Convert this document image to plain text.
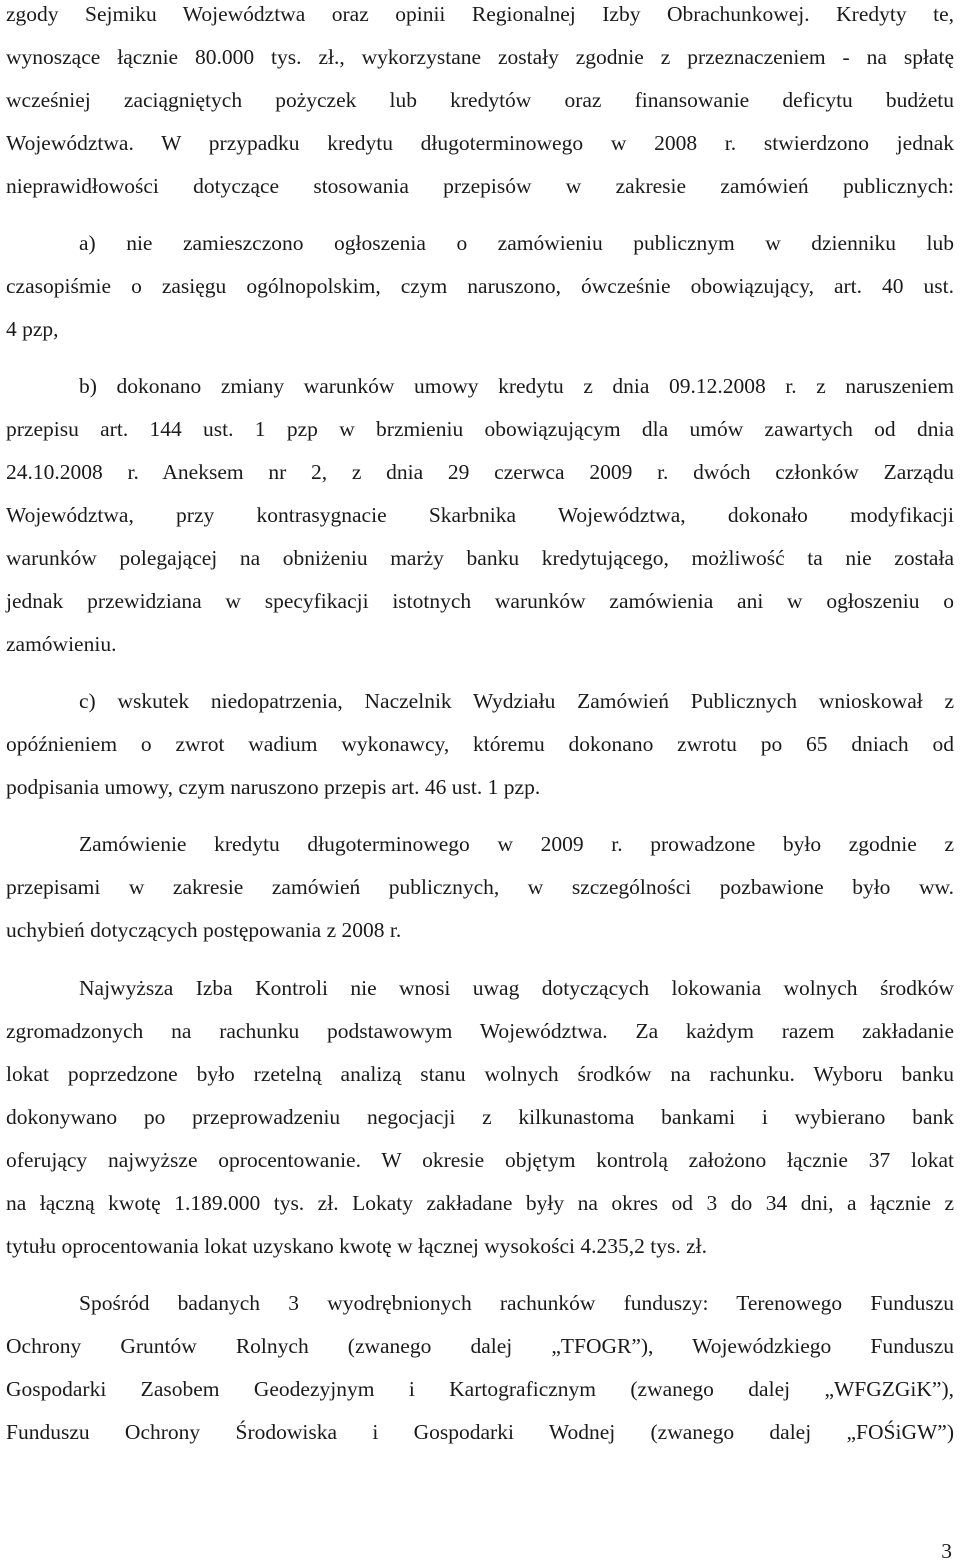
zgody Sejmiku Województwa oraz opinii Regionalnej Izby Obrachunkowej. Kredyty te,
wynoszące łącznie 80.000 tys. zł., wykorzystane zostały zgodnie z przeznaczeniem - na spłatę
wcześniej zaciągniętych pożyczek lub kredytów oraz finansowanie deficytu budżetu
Województwa. W przypadku kredytu długoterminowego w 2008 r. stwierdzono jednak
nieprawidłowości dotyczące stosowania przepisów w zakresie zamówień publicznych:
a) nie zamieszczono ogłoszenia o zamówieniu publicznym w dzienniku lub
czasopiśmie o zasięgu ogólnopolskim, czym naruszono, ówcześnie obowiązujący, art. 40 ust.
4 pzp,
b) dokonano zmiany warunków umowy kredytu z dnia 09.12.2008 r. z naruszeniem
przepisu art. 144 ust. 1 pzp w brzmieniu obowiązującym dla umów zawartych od dnia
24.10.2008 r. Aneksem nr 2, z dnia 29 czerwca 2009 r. dwóch członków Zarządu
Województwa, przy kontrasygnacie Skarbnika Województwa, dokonało modyfikacji
warunków polegającej na obniżeniu marży banku kredytującego, możliwość ta nie została
jednak przewidziana w specyfikacji istotnych warunków zamówienia ani w ogłoszeniu o
zamówieniu.
c) wskutek niedopatrzenia, Naczelnik Wydziału Zamówień Publicznych wnioskował z
opóźnieniem o zwrot wadium wykonawcy, któremu dokonano zwrotu po 65 dniach od
podpisania umowy, czym naruszono przepis art. 46 ust. 1 pzp.
Zamówienie kredytu długoterminowego w 2009 r. prowadzone było zgodnie z
przepisami w zakresie zamówień publicznych, w szczególności pozbawione było ww.
uchybień dotyczących postępowania z 2008 r.
Najwyższa Izba Kontroli nie wnosi uwag dotyczących lokowania wolnych środków
zgromadzonych na rachunku podstawowym Województwa. Za każdym razem zakładanie
lokat poprzedzone było rzetelną analizą stanu wolnych środków na rachunku. Wyboru banku
dokonywano po przeprowadzeniu negocjacji z kilkunastoma bankami i wybierano bank
oferujący najwyższe oprocentowanie. W okresie objętym kontrolą założono łącznie 37 lokat
na łączną kwotę 1.189.000 tys. zł. Lokaty zakładane były na okres od 3 do 34 dni, a łącznie z
tytułu oprocentowania lokat uzyskano kwotę w łącznej wysokości 4.235,2 tys. zł.
Spośród badanych 3 wyodrębnionych rachunków funduszy: Terenowego Funduszu
Ochrony Gruntów Rolnych (zwanego dalej „TFOGR”), Wojewódzkiego Funduszu
Gospodarki Zasobem Geodezyjnym i Kartograficznym (zwanego dalej „WFGZGiK”),
Funduszu Ochrony Środowiska i Gospodarki Wodnej (zwanego dalej „FOŚiGW”)
3
